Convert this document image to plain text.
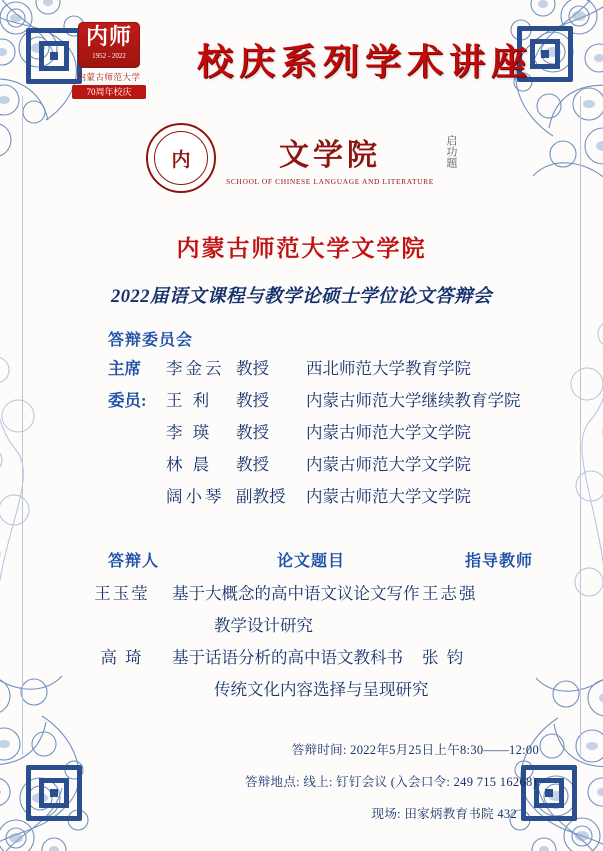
内师
1952 - 2022
内蒙古师范大学
70周年校庆
校庆系列学术讲座
内	文学院
SCHOOL OF CHINESE LANGUAGE AND LITERATURE
启功题
内蒙古师范大学文学院
2022届语文课程与教学论硕士学位论文答辩会
答辩委员会
主席	李金云 教授	西北师范大学教育学院
委员:	王 利	教授	内蒙古师范大学继续教育学院
李 瑛	教授	内蒙古师范大学文学院
林 晨	教授	内蒙古师范大学文学院
阔小琴 副教授	内蒙古师范大学文学院
答辩人	论文题目	指导教师
王玉莹	基于大概念的高中语文议论文写作 王志强
教学设计研究
高 琦	基于话语分析的高中语文教科书	张 钧
传统文化内容选择与呈现研究
答辩时间: 2022年5月25日上午8:30——12:00
答辩地点: 线上: 钉钉会议 (入会口令: 249 715 16268)
现场: 田家炳教育书院 432
